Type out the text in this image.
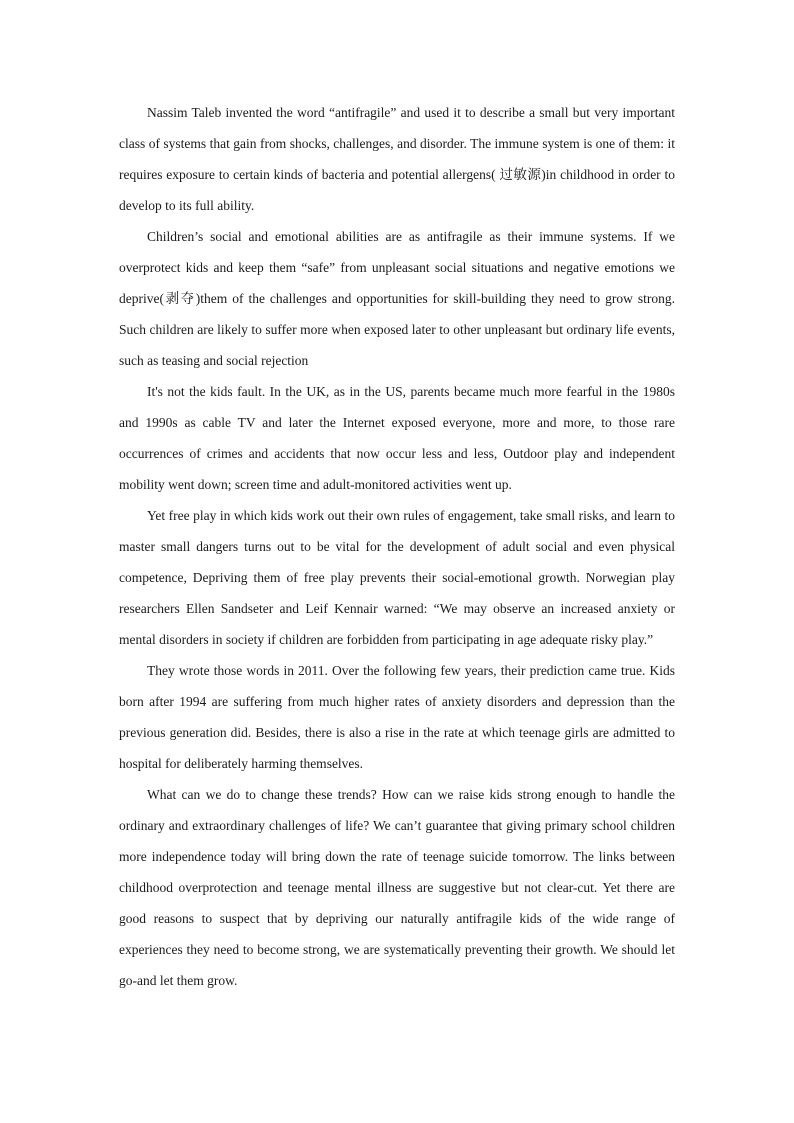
Nassim Taleb invented the word “antifragile” and used it to describe a small but very important class of systems that gain from shocks, challenges, and disorder. The immune system is one of them: it requires exposure to certain kinds of bacteria and potential allergens( 过敏源)in childhood in order to develop to its full ability.

Children’s social and emotional abilities are as antifragile as their immune systems. If we overprotect kids and keep them “safe” from unpleasant social situations and negative emotions we deprive(剥夺)them of the challenges and opportunities for skill-building they need to grow strong. Such children are likely to suffer more when exposed later to other unpleasant but ordinary life events, such as teasing and social rejection

It's not the kids fault. In the UK, as in the US, parents became much more fearful in the 1980s and 1990s as cable TV and later the Internet exposed everyone, more and more, to those rare occurrences of crimes and accidents that now occur less and less, Outdoor play and independent mobility went down; screen time and adult-monitored activities went up.

Yet free play in which kids work out their own rules of engagement, take small risks, and learn to master small dangers turns out to be vital for the development of adult social and even physical competence, Depriving them of free play prevents their social-emotional growth. Norwegian play researchers Ellen Sandseter and Leif Kennair warned: “We may observe an increased anxiety or mental disorders in society if children are forbidden from participating in age adequate risky play.”

They wrote those words in 2011. Over the following few years, their prediction came true. Kids born after 1994 are suffering from much higher rates of anxiety disorders and depression than the previous generation did. Besides, there is also a rise in the rate at which teenage girls are admitted to hospital for deliberately harming themselves.

What can we do to change these trends? How can we raise kids strong enough to handle the ordinary and extraordinary challenges of life? We can’t guarantee that giving primary school children more independence today will bring down the rate of teenage suicide tomorrow. The links between childhood overprotection and teenage mental illness are suggestive but not clear-cut. Yet there are good reasons to suspect that by depriving our naturally antifragile kids of the wide range of experiences they need to become strong, we are systematically preventing their growth. We should let go-and let them grow.
